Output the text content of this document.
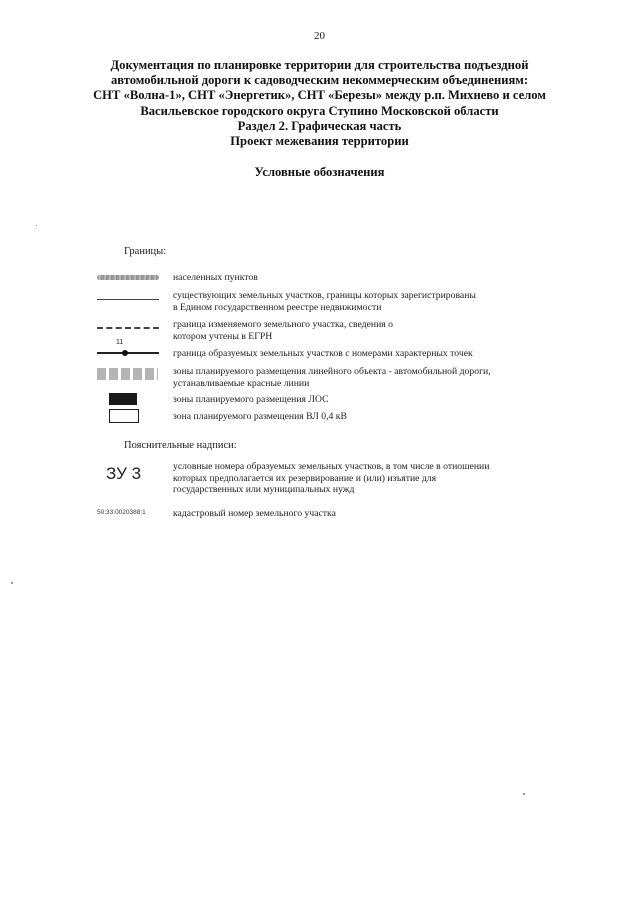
20
Документация по планировке территории для строительства подъездной
автомобильной дороги к садоводческим некоммерческим объединениям:
СНТ «Волна-1», СНТ «Энергетик», СНТ «Березы» между р.п. Михнево и селом
Васильевское городского округа Ступино Московской области
Раздел 2. Графическая часть
Проект межевания территории
Условные обозначения
Границы:
населенных пунктов
существующих земельных участков, границы которых зарегистрированы
в Едином государственном реестре недвижимости
граница изменяемого земельного участка, сведения о
котором учтены в ЕГРН
11
граница образуемых земельных участков с номерами характерных точек
зоны планируемого размещения линейного объекта - автомобильной дороги,
устанавливаемые красные линии
зоны планируемого размещения ЛОС
зона планируемого размещения ВЛ 0,4 кВ
Пояснительные надписи:
ЗУ 3	условные номера образуемых земельных участков, в том числе в отношении
которых предполагается их резервирование и (или) изъятие для
государственных или муниципальных нужд
50:33:0020388:1	кадастровый номер земельного участка
